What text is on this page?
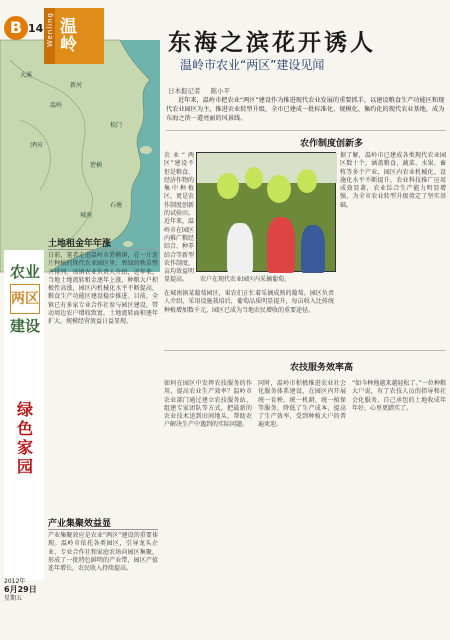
B 14
温岭
大溪
泽国
箬横
松门
石塘
城南
新河
Wenling 温岭
农业
两区
建设
绿色家园
2012年
6月29日
星期五
东海之滨花开诱人
温岭市农业“两区”建设见闻
日本报记者 陈小平
近年来，温岭市把农业“两区”建设作为推进现代农业发展的重要抓手，以建设粮食生产功能区和现代农业园区为主，推进农业转型升级，全市已建成一批标准化、规模化、集约化的现代农业基地，成为东海之滨一道亮丽的风景线。
土地租金年年涨
日前，笔者走进温岭市箬横镇，在一片连片种植的现代农业园区里，碧绿的秧苗整齐排列。该镇农业负责人介绍，近年来，当地土地流转租金逐年上涨，种粮大户积极性高涨，园区内机械化水平不断提高，粮食生产功能区建设稳步推进。目前，全镇已有多家专业合作社参与园区建设，带动周边农户增收致富，土地流转面积逐年扩大，规模经营效益日益显现。
产业集聚效益显
产业集聚效应是农业“两区”建设的重要体现。温岭市依托各类园区，引导龙头企业、专业合作社和家庭农场向园区集聚，形成了一批特色鲜明的产业带，园区产值连年增长，农民收入持续提高。
农作制度创新多
农业“两区”建设不但是粮食、经济作物的集中种植区，更是农作制度创新的试验田。近年来，温岭市在园区内推广粮经结合、种养结合等新型农作制度，亩均效益明显提高。
据了解，温岭市已建成各类现代农业园区数十个，涵盖粮食、蔬菜、水果、畜牧等多个产业，园区内农业机械化、设施化水平不断提升，农业科技推广应用成效显著，农业综合生产能力明显增强，为全市农业转型升级奠定了坚实基础。
农户在现代农业园区内采摘葡萄。
在城南镇某葡萄园区，果农们正忙着采摘成熟的葡萄。园区负责人介绍，采用设施栽培后，葡萄品质明显提升，每亩收入比传统种植增加数千元，园区已成为当地农民增收的重要途径。
农技服务效率高
如何在园区中发挥农技服务的作用，提高农业生产效率？温岭市农业部门通过建立农技服务站、组建专家团队等方式，把最新的农业技术送到田间地头，帮助农户解决生产中遇到的实际问题。
同时，温岭市积极推进农业社会化服务体系建设，在园区内开展统一育秧、统一机耕、统一植保等服务，降低了生产成本，提高了生产效率，受到种植大户的普遍欢迎。
“如今种地越来越轻松了。”一位种粮大户说，有了农技人员的指导和社会化服务，自己承包的土地收成年年好，心里更踏实了。
